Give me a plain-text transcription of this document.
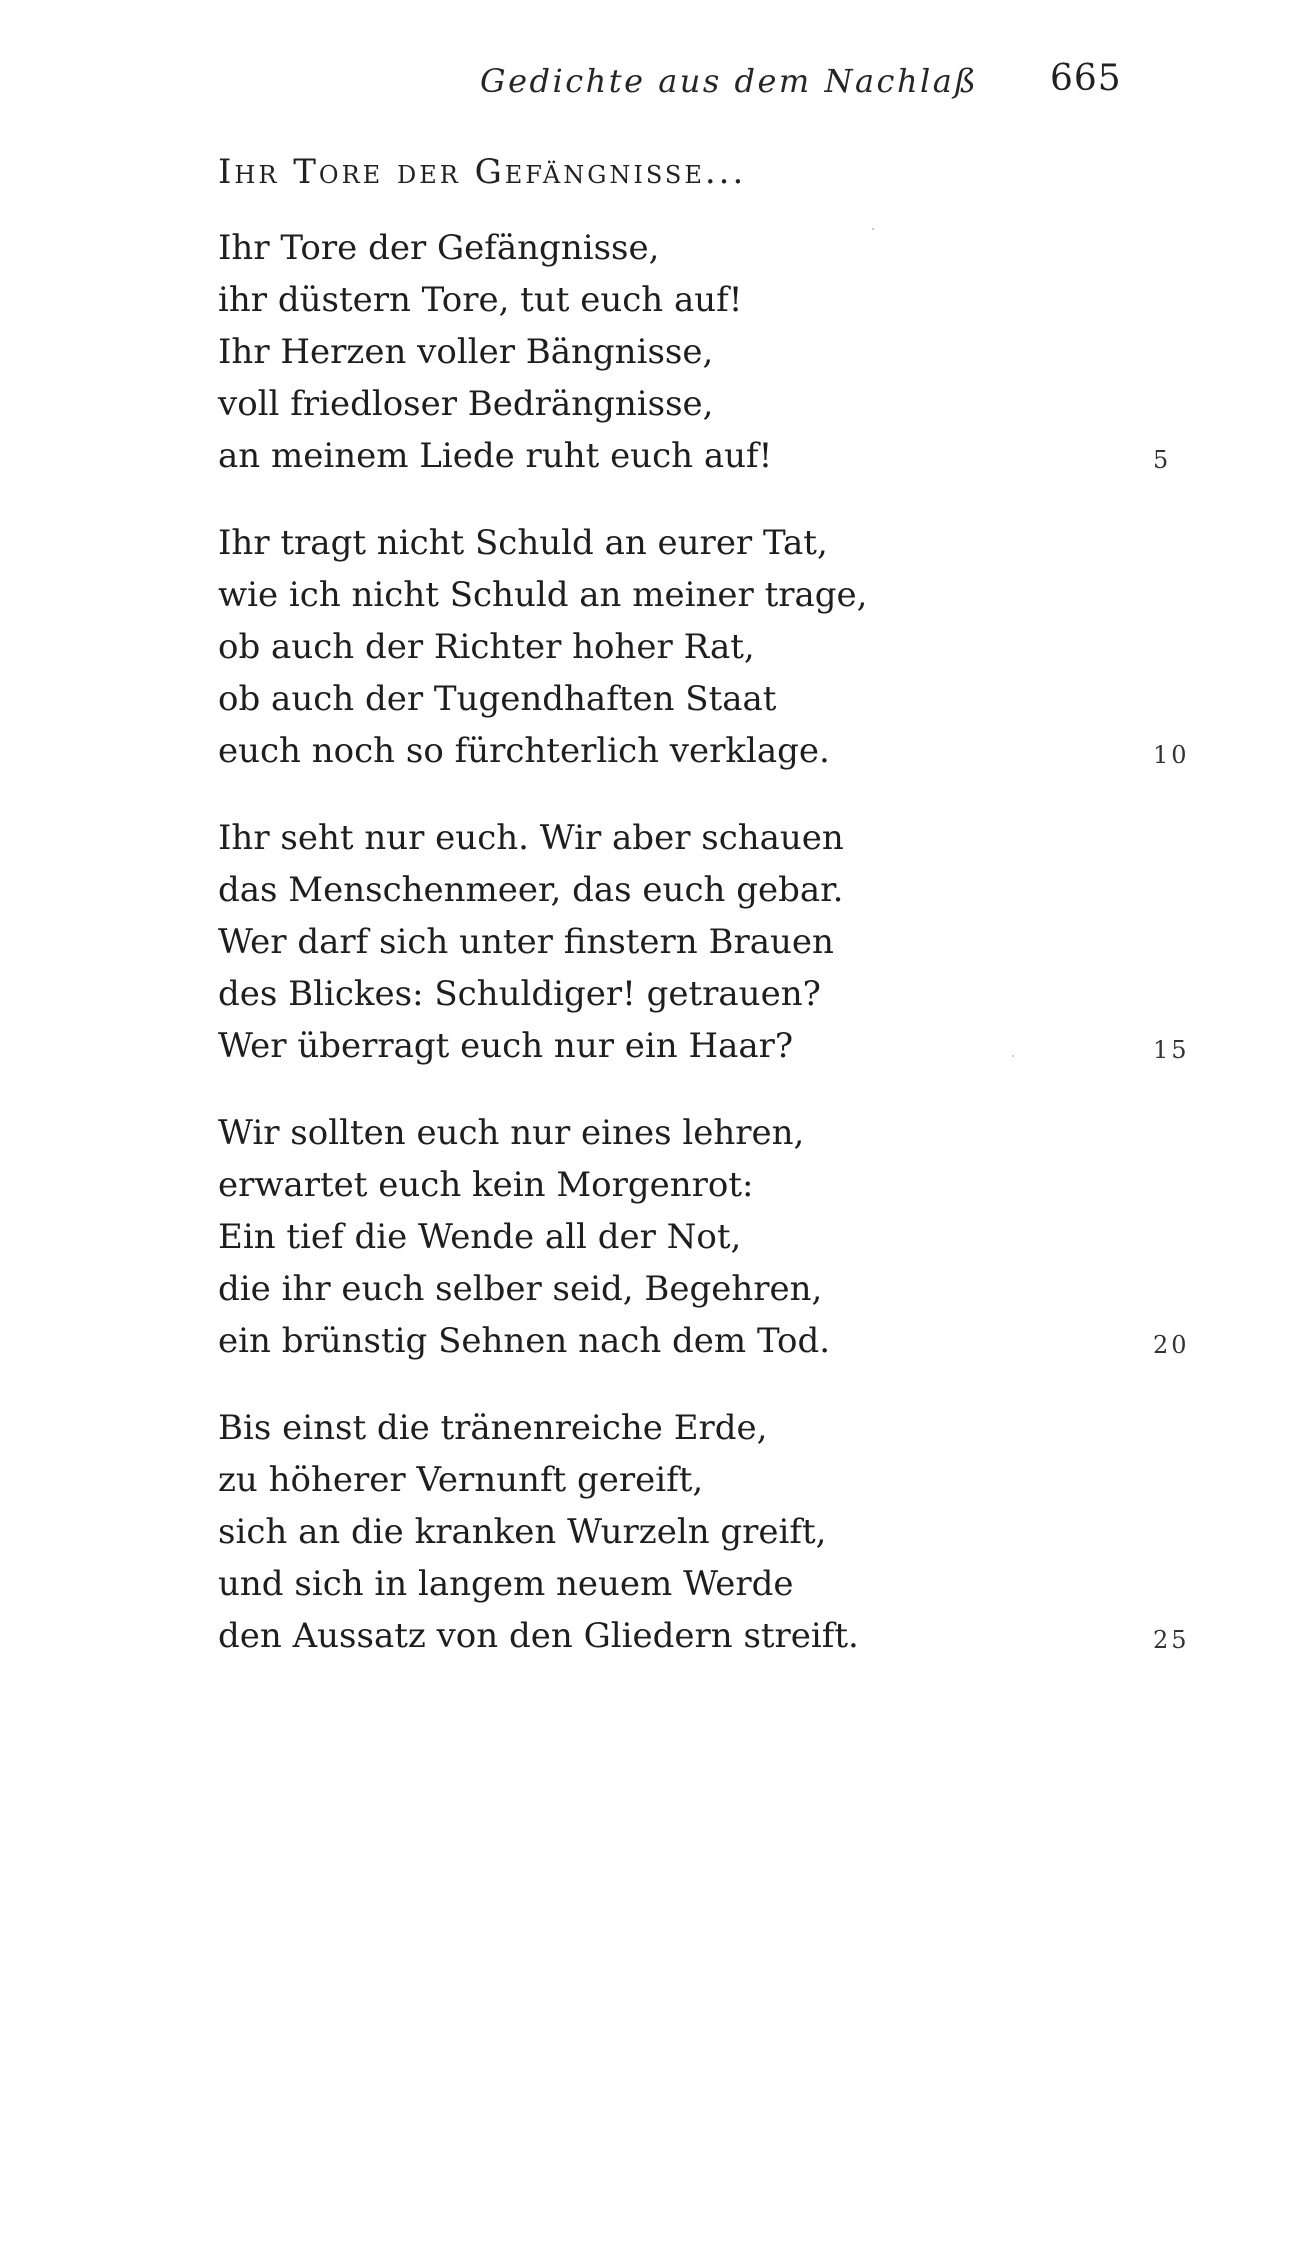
Gedichte aus dem Nachlaß 665
Ihr Tore der Gefängnisse...
Ihr Tore der Gefängnisse,
ihr düstern Tore, tut euch auf!
Ihr Herzen voller Bängnisse,
voll friedloser Bedrängnisse,
an meinem Liede ruht euch auf!	5
Ihr tragt nicht Schuld an eurer Tat,
wie ich nicht Schuld an meiner trage,
ob auch der Richter hoher Rat,
ob auch der Tugendhaften Staat
euch noch so fürchterlich verklage.	10
Ihr seht nur euch. Wir aber schauen
das Menschenmeer, das euch gebar.
Wer darf sich unter finstern Brauen
des Blickes: Schuldiger! getrauen?
Wer überragt euch nur ein Haar?	15
Wir sollten euch nur eines lehren,
erwartet euch kein Morgenrot:
Ein tief die Wende all der Not,
die ihr euch selber seid, Begehren,
ein brünstig Sehnen nach dem Tod.	20
Bis einst die tränenreiche Erde,
zu höherer Vernunft gereift,
sich an die kranken Wurzeln greift,
und sich in langem neuem Werde
den Aussatz von den Gliedern streift.	25
